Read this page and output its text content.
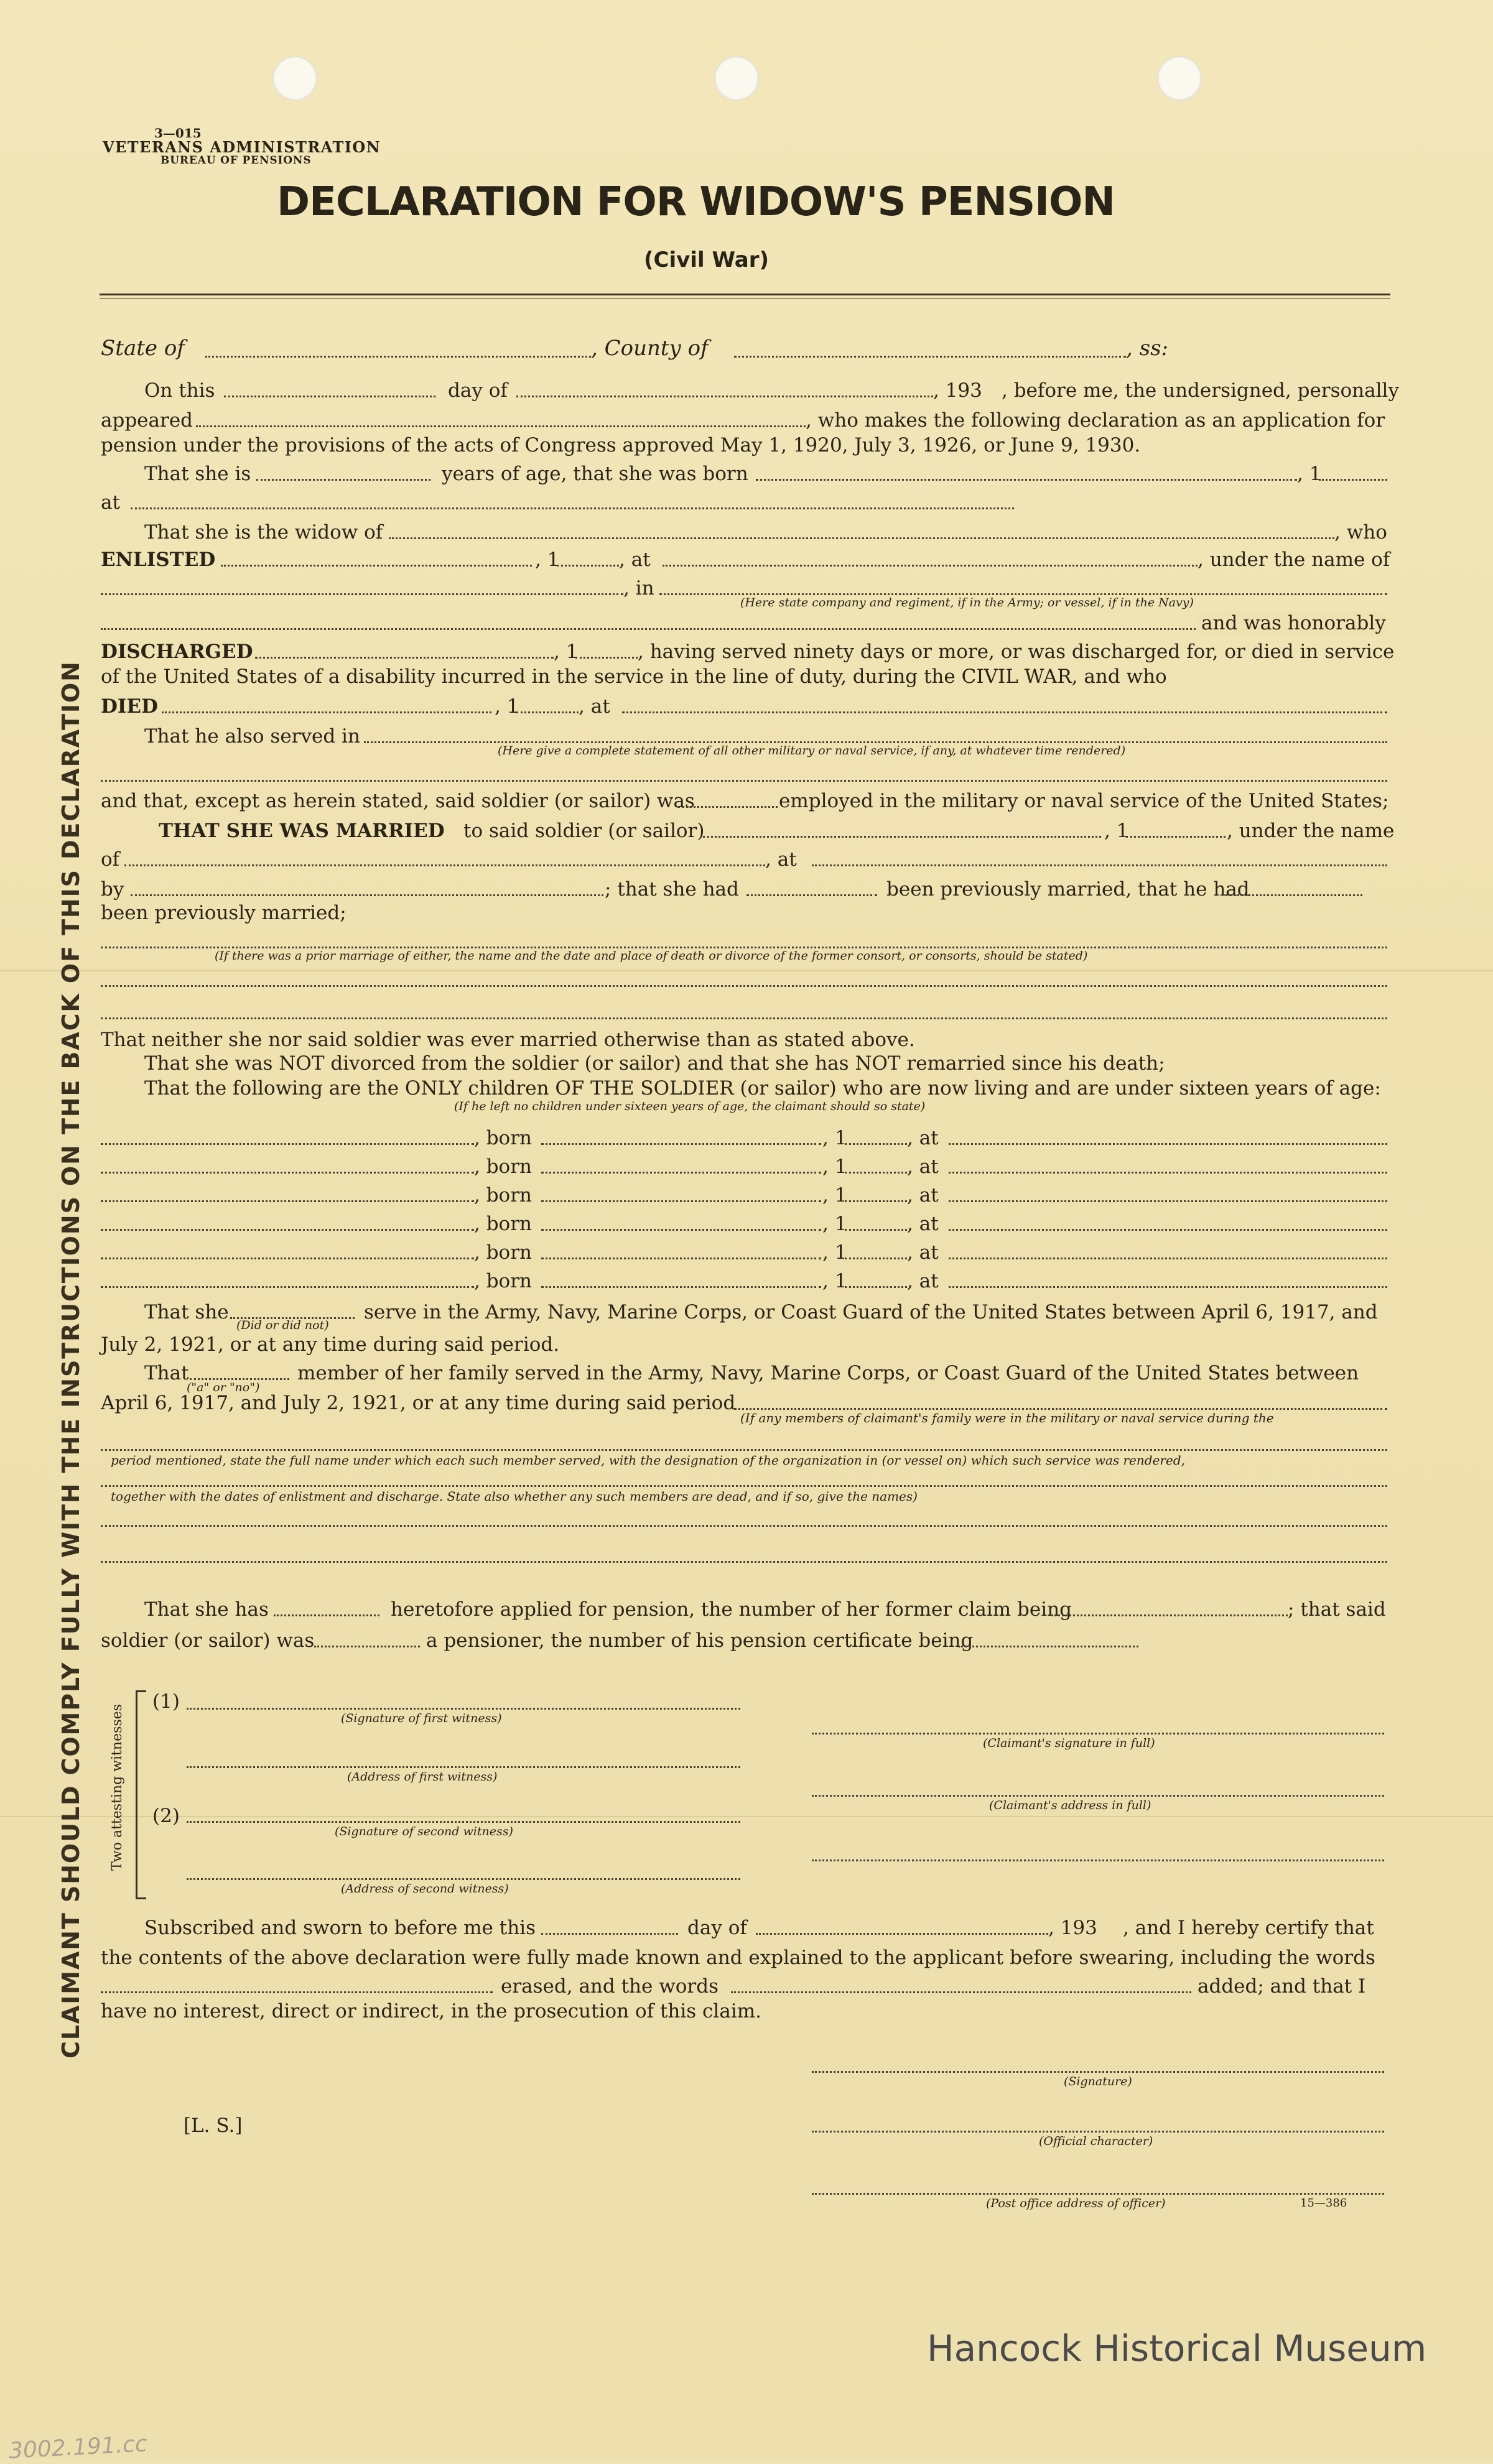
3—015
VETERANS ADMINISTRATION
BUREAU OF PENSIONS
DECLARATION FOR WIDOW'S PENSION
(Civil War)
CLAIMANT SHOULD COMPLY FULLY WITH THE INSTRUCTIONS ON THE BACK OF THIS DECLARATION
State of	, County of	, ss:
On this	day of	, 193 , before me, the undersigned, personally
appeared	, who makes the following declaration as an application for
pension under the provisions of the acts of Congress approved May 1, 1920, July 3, 1926, or June 9, 1930.
That she is	years of age, that she was born	, 1
at
That she is the widow of	, who
ENLISTED	, 1	, at	, under the name of
, in
(Here state company and regiment, if in the Army; or vessel, if in the Navy)
and was honorably
DISCHARGED	, 1	, having served ninety days or more, or was discharged for, or died in service
of the United States of a disability incurred in the service in the line of duty, during the CIVIL WAR, and who
DIED	, 1	, at
That he also served in
(Here give a complete statement of all other military or naval service, if any, at whatever time rendered)
and that, except as herein stated, said soldier (or sailor) was	employed in the military or naval service of the United States;
THAT SHE WAS MARRIED to said soldier (or sailor)	, 1	, under the name
of	, at
by	; that she had	been previously married, that he had
been previously married;
(If there was a prior marriage of either, the name and the date and place of death or divorce of the former consort, or consorts, should be stated)
That neither she nor said soldier was ever married otherwise than as stated above.
That she was NOT divorced from the soldier (or sailor) and that she has NOT remarried since his death;
That the following are the ONLY children OF THE SOLDIER (or sailor) who are now living and are under sixteen years of age:
(If he left no children under sixteen years of age, the claimant should so state)
, born	, 1	, at
, born	, 1	, at
, born	, 1	, at
, born	, 1	, at
, born	, 1	, at
, born	, 1	, at
That she
(Did or did not)
serve in the Army, Navy, Marine Corps, or Coast Guard of the United States between April 6, 1917, and
July 2, 1921, or at any time during said period.
That
("a" or "no")
member of her family served in the Army, Navy, Marine Corps, or Coast Guard of the United States between
April 6, 1917, and July 2, 1921, or at any time during said period
(If any members of claimant's family were in the military or naval service during the
period mentioned, state the full name under which each such member served, with the designation of the organization in (or vessel on) which such service was rendered,
together with the dates of enlistment and discharge. State also whether any such members are dead, and if so, give the names)
That she has	heretofore applied for pension, the number of her former claim being	; that said
soldier (or sailor) was	a pensioner, the number of his pension certificate being
Two attesting witnesses
(1)
(Signature of first witness)
(Address of first witness)
(2)
(Signature of second witness)
(Address of second witness)
(Claimant's signature in full)
(Claimant's address in full)
Subscribed and sworn to before me this	day of	, 193 , and I hereby certify that
the contents of the above declaration were fully made known and explained to the applicant before swearing, including the words
erased, and the words	added; and that I
have no interest, direct or indirect, in the prosecution of this claim.
(Signature)
[L. S.]
(Official character)
(Post office address of officer)	15—386
Hancock Historical Museum
3002.191.cc
